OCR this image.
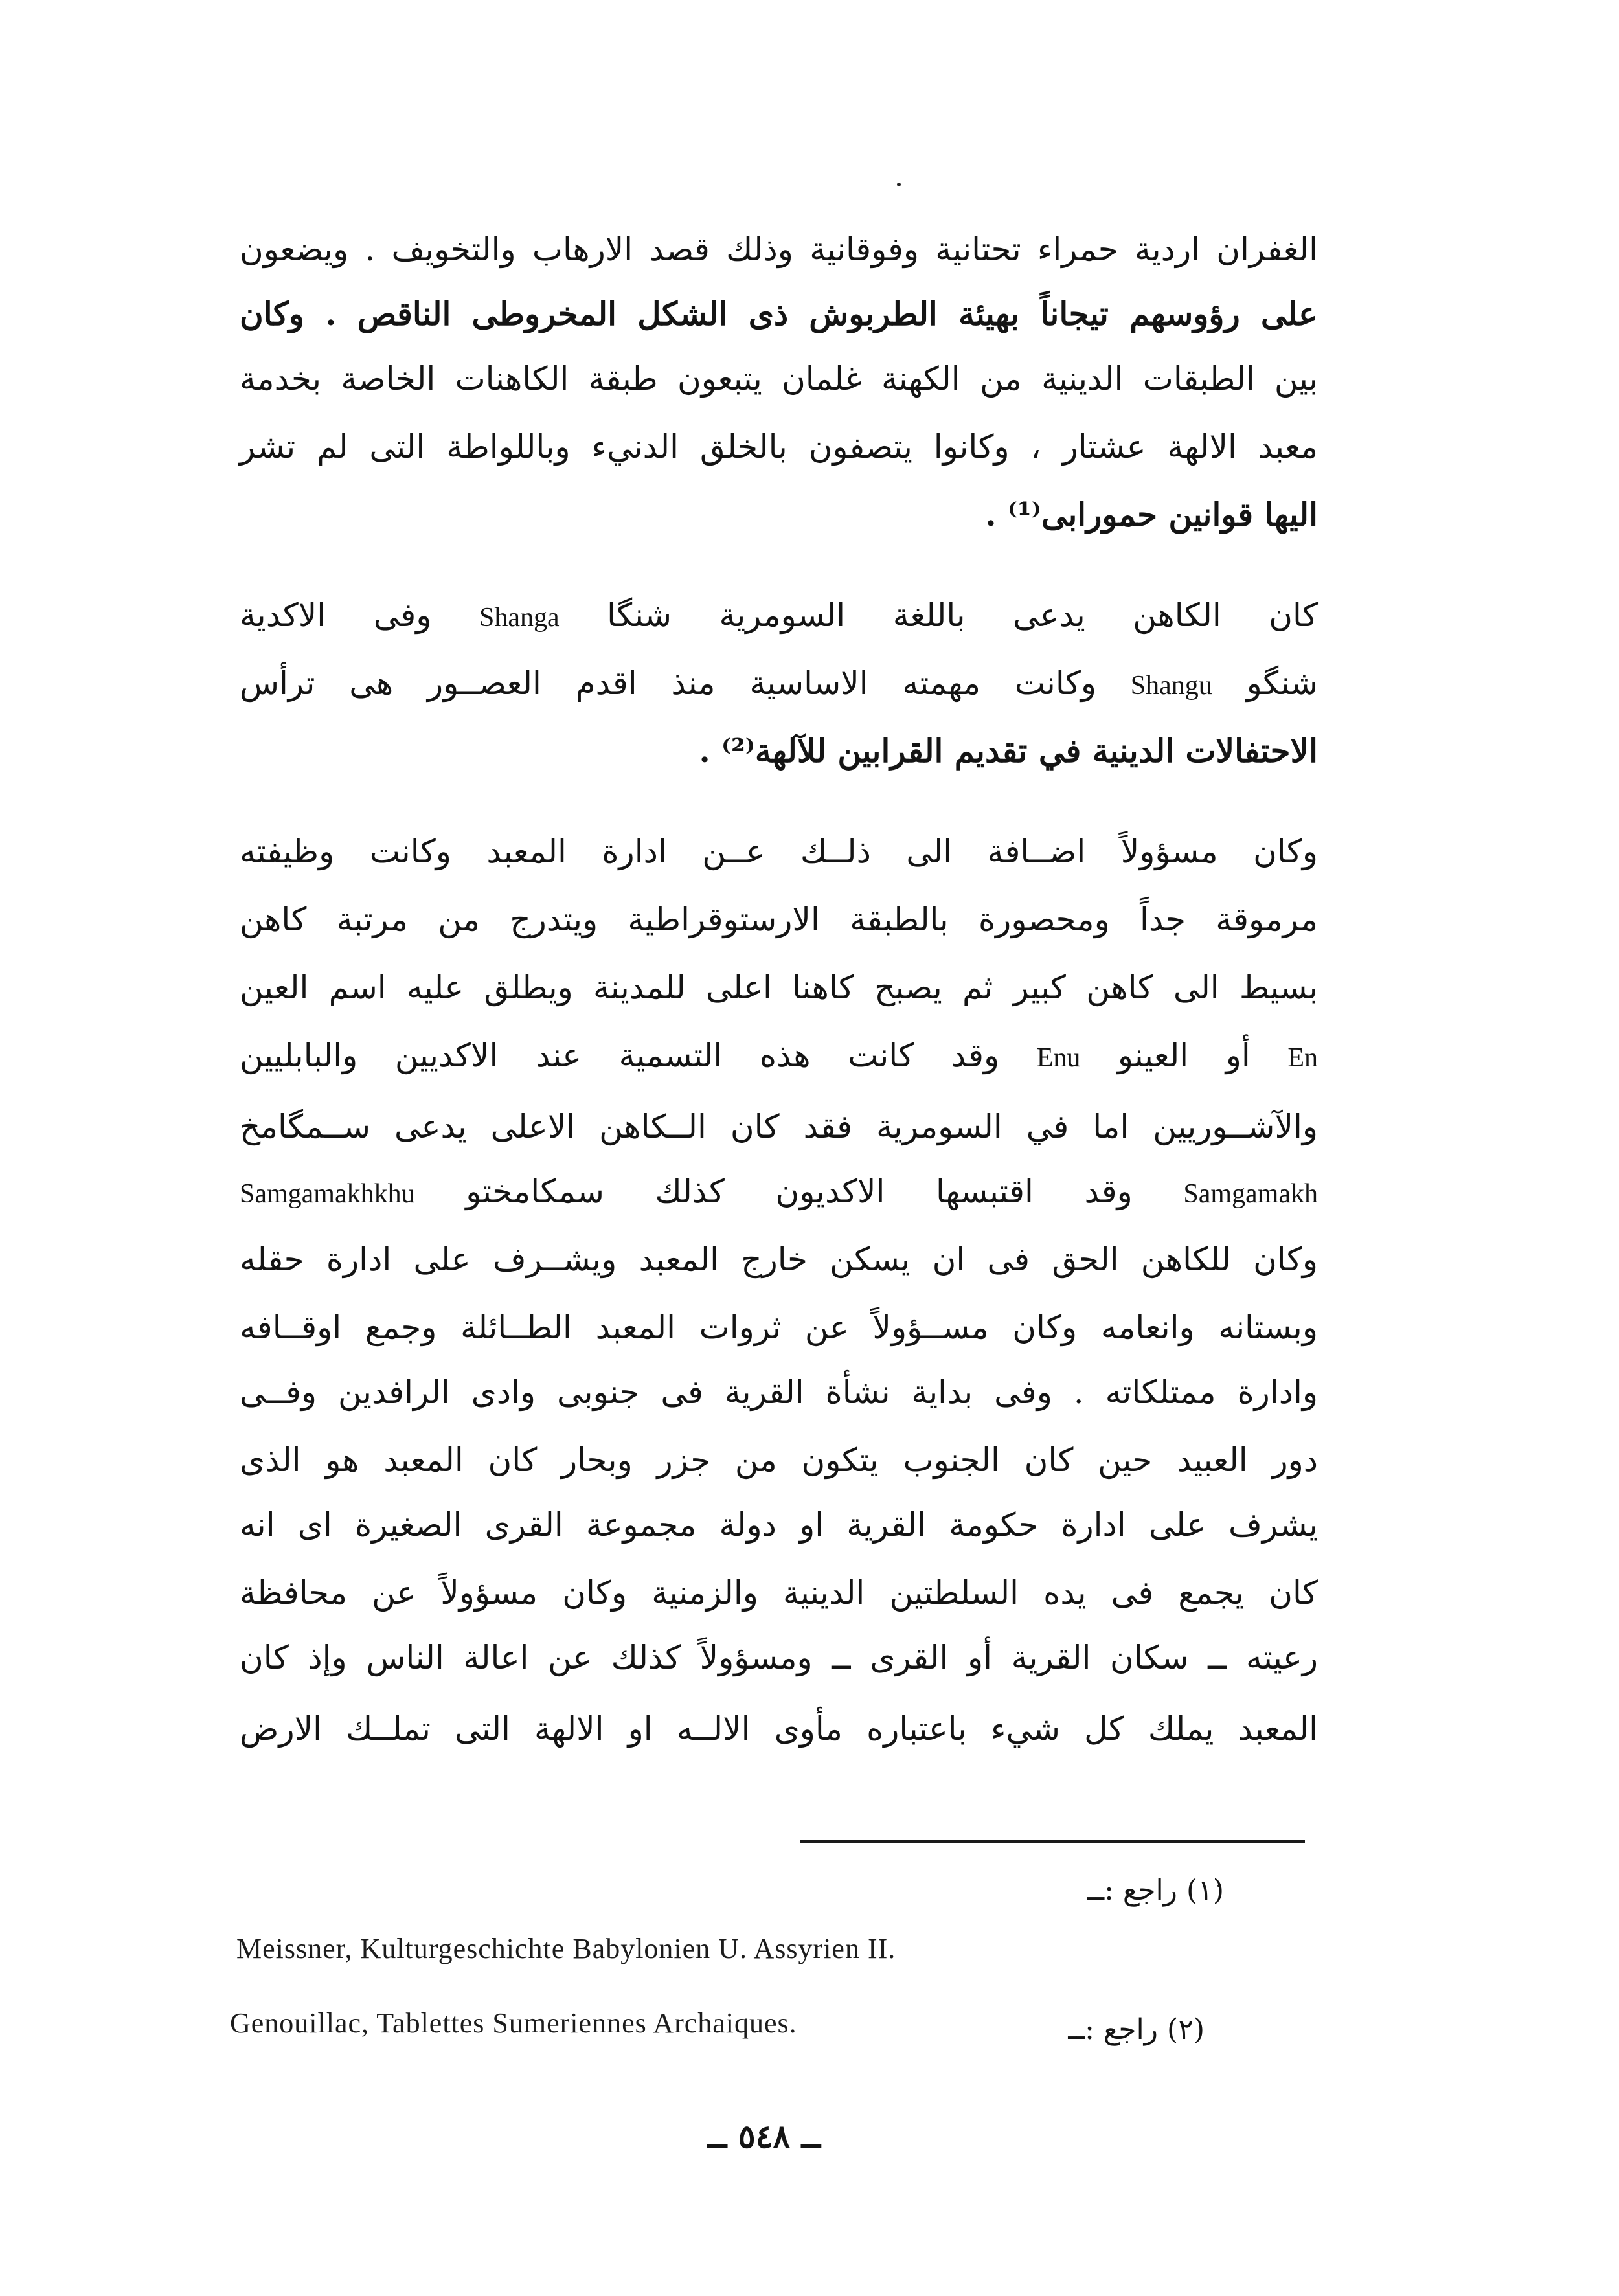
الغفران اردية حمراء تحتانية وفوقانية وذلك قصد الارهاب والتخويف . ويضعون
على رؤوسهم تيجاناً بهيئة الطربوش ذى الشكل المخروطى الناقص . وكان
بين الطبقات الدينية من الكهنة غلمان يتبعون طبقة الكاهنات الخاصة بخدمة
معبد الالهة عشتار ، وكانوا يتصفون بالخلق الدنيء وباللواطة التى لم تشر
اليها قوانين حمورابى⁽¹⁾ .
كان الكاهن يدعى باللغة السومرية شنگا Shanga وفى الاكدية
شنگو Shangu وكانت مهمته الاساسية منذ اقدم العصــور هى ترأس
الاحتفالات الدينية في تقديم القرابين للآلهة⁽²⁾ .
وكان مسؤولاً اضــافة الى ذلــك عــن ادارة المعبد وكانت وظيفته
مرموقة جداً ومحصورة بالطبقة الارستوقراطية ويتدرج من مرتبة كاهن
بسيط الى كاهن كبير ثم يصبح كاهنا اعلى للمدينة ويطلق عليه اسم العين
En أو العينو Enu وقد كانت هذه التسمية عند الاكديين والبابليين
والآشــوريين اما في السومرية فقد كان الــكاهن الاعلى يدعى ســمگامخ
Samgamakh وقد اقتبسها الاكديون كذلك سمكامختو Samgamakhkhu
وكان للكاهن الحق فى ان يسكن خارج المعبد ويشــرف على ادارة حقله
وبستانه وانعامه وكان مســؤولاً عن ثروات المعبد الطــائلة وجمع اوقــافه
وادارة ممتلكاته . وفى بداية نشأة القرية فى جنوبى وادى الرافدين وفــى
دور العبيد حين كان الجنوب يتكون من جزر وبحار كان المعبد هو الذى
يشرف على ادارة حكومة القرية او دولة مجموعة القرى الصغيرة اى انه
كان يجمع فى يده السلطتين الدينية والزمنية وكان مسؤولاً عن محافظة
رعيته ــ سكان القرية أو القرى ــ ومسؤولاً كذلك عن اعالة الناس وإذ كان
المعبد يملك كل شيء باعتباره مأوى الالــه او الالهة التى تملــك الارض
(١) راجع :ــ
Meissner, Kulturgeschichte Babylonien U. Assyrien II.
(٢) راجع :ــ
Genouillac, Tablettes Sumeriennes Archaiques.
ــ ٥٤٨ ــ
